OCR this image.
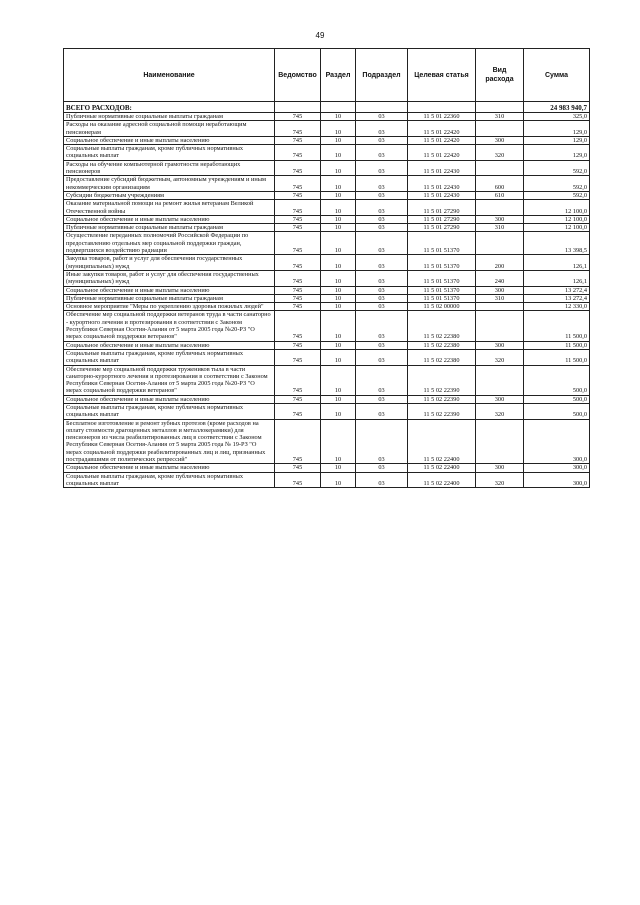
49
Наименование	Ведомство	Раздел	Подраздел	Целевая статья	Вид расхода	Сумма
ВСЕГО РАСХОДОВ:						24 983 940,7
Публичные нормативные социальные выплаты гражданам	745	10	03	11 5 01 22360	310	325,0
Расходы на оказание адресной социальной помощи неработающим пенсионерам	745	10	03	11 5 01 22420		129,0
Социальное обеспечение и иные выплаты населению	745	10	03	11 5 01 22420	300	129,0
Социальные выплаты гражданам, кроме публичных нормативных социальных выплат	745	10	03	11 5 01 22420	320	129,0
Расходы на обучение компьютерной грамотности неработающих пенсионеров	745	10	03	11 5 01 22430		592,0
Предоставление субсидий бюджетным, автономным учреждениям и иным некоммерческим организациям	745	10	03	11 5 01 22430	600	592,0
Субсидии бюджетным учреждениям	745	10	03	11 5 01 22430	610	592,0
Оказание материальной помощи на ремонт жилья ветеранам Великой Отечественной войны	745	10	03	11 5 01 27290		12 100,0
Социальное обеспечение и иные выплаты населению	745	10	03	11 5 01 27290	300	12 100,0
Публичные нормативные социальные выплаты гражданам	745	10	03	11 5 01 27290	310	12 100,0
Осуществление переданных полномочий Российской Федерации по предоставлению отдельных мер социальной поддержки граждан, подвергшихся воздействию радиации	745	10	03	11 5 01 51370		13 398,5
Закупка товаров, работ и услуг для обеспечения государственных (муниципальных) нужд	745	10	03	11 5 01 51370	200	126,1
Иные закупки товаров, работ и услуг для обеспечения государственных (муниципальных) нужд	745	10	03	11 5 01 51370	240	126,1
Социальное обеспечение и иные выплаты населению	745	10	03	11 5 01 51370	300	13 272,4
Публичные нормативные социальные выплаты гражданам	745	10	03	11 5 01 51370	310	13 272,4
Основное мероприятие "Меры по укреплению здоровья пожилых людей"	745	10	03	11 5 02 00000		12 330,0
Обеспечение мер социальной поддержки ветеранов труда в части санаторно - курортного лечения и протезирования в соответствии с Законом Республики Северная Осетия-Алания от 5 марта 2005 года №20-РЗ "О мерах социальной поддержки ветеранов"	745	10	03	11 5 02 22380		11 500,0
Социальное обеспечение и иные выплаты населению	745	10	03	11 5 02 22380	300	11 500,0
Социальные выплаты гражданам, кроме публичных нормативных социальных выплат	745	10	03	11 5 02 22380	320	11 500,0
Обеспечение мер социальной поддержки тружеников тыла в части санаторно-курортного лечения и протезирования в соответствии с Законом Республики Северная Осетия-Алания от 5 марта 2005 года №20-РЗ "О мерах социальной поддержки ветеранов"	745	10	03	11 5 02 22390		500,0
Социальное обеспечение и иные выплаты населению	745	10	03	11 5 02 22390	300	500,0
Социальные выплаты гражданам, кроме публичных нормативных социальных выплат	745	10	03	11 5 02 22390	320	500,0
Бесплатное изготовление и ремонт зубных протезов (кроме расходов на оплату стоимости драгоценных металлов и металлокерамики) для пенсионеров из числа реабилитированных лиц в соответствии с Законом Республики Северная Осетия-Алания от 5 марта 2005 года № 19-РЗ "О мерах социальной поддержки реабилитированных лиц и лиц, признанных пострадавшими от политических репрессий"	745	10	03	11 5 02 22400		300,0
Социальное обеспечение и иные выплаты населению	745	10	03	11 5 02 22400	300	300,0
Социальные выплаты гражданам, кроме публичных нормативных социальных выплат	745	10	03	11 5 02 22400	320	300,0
